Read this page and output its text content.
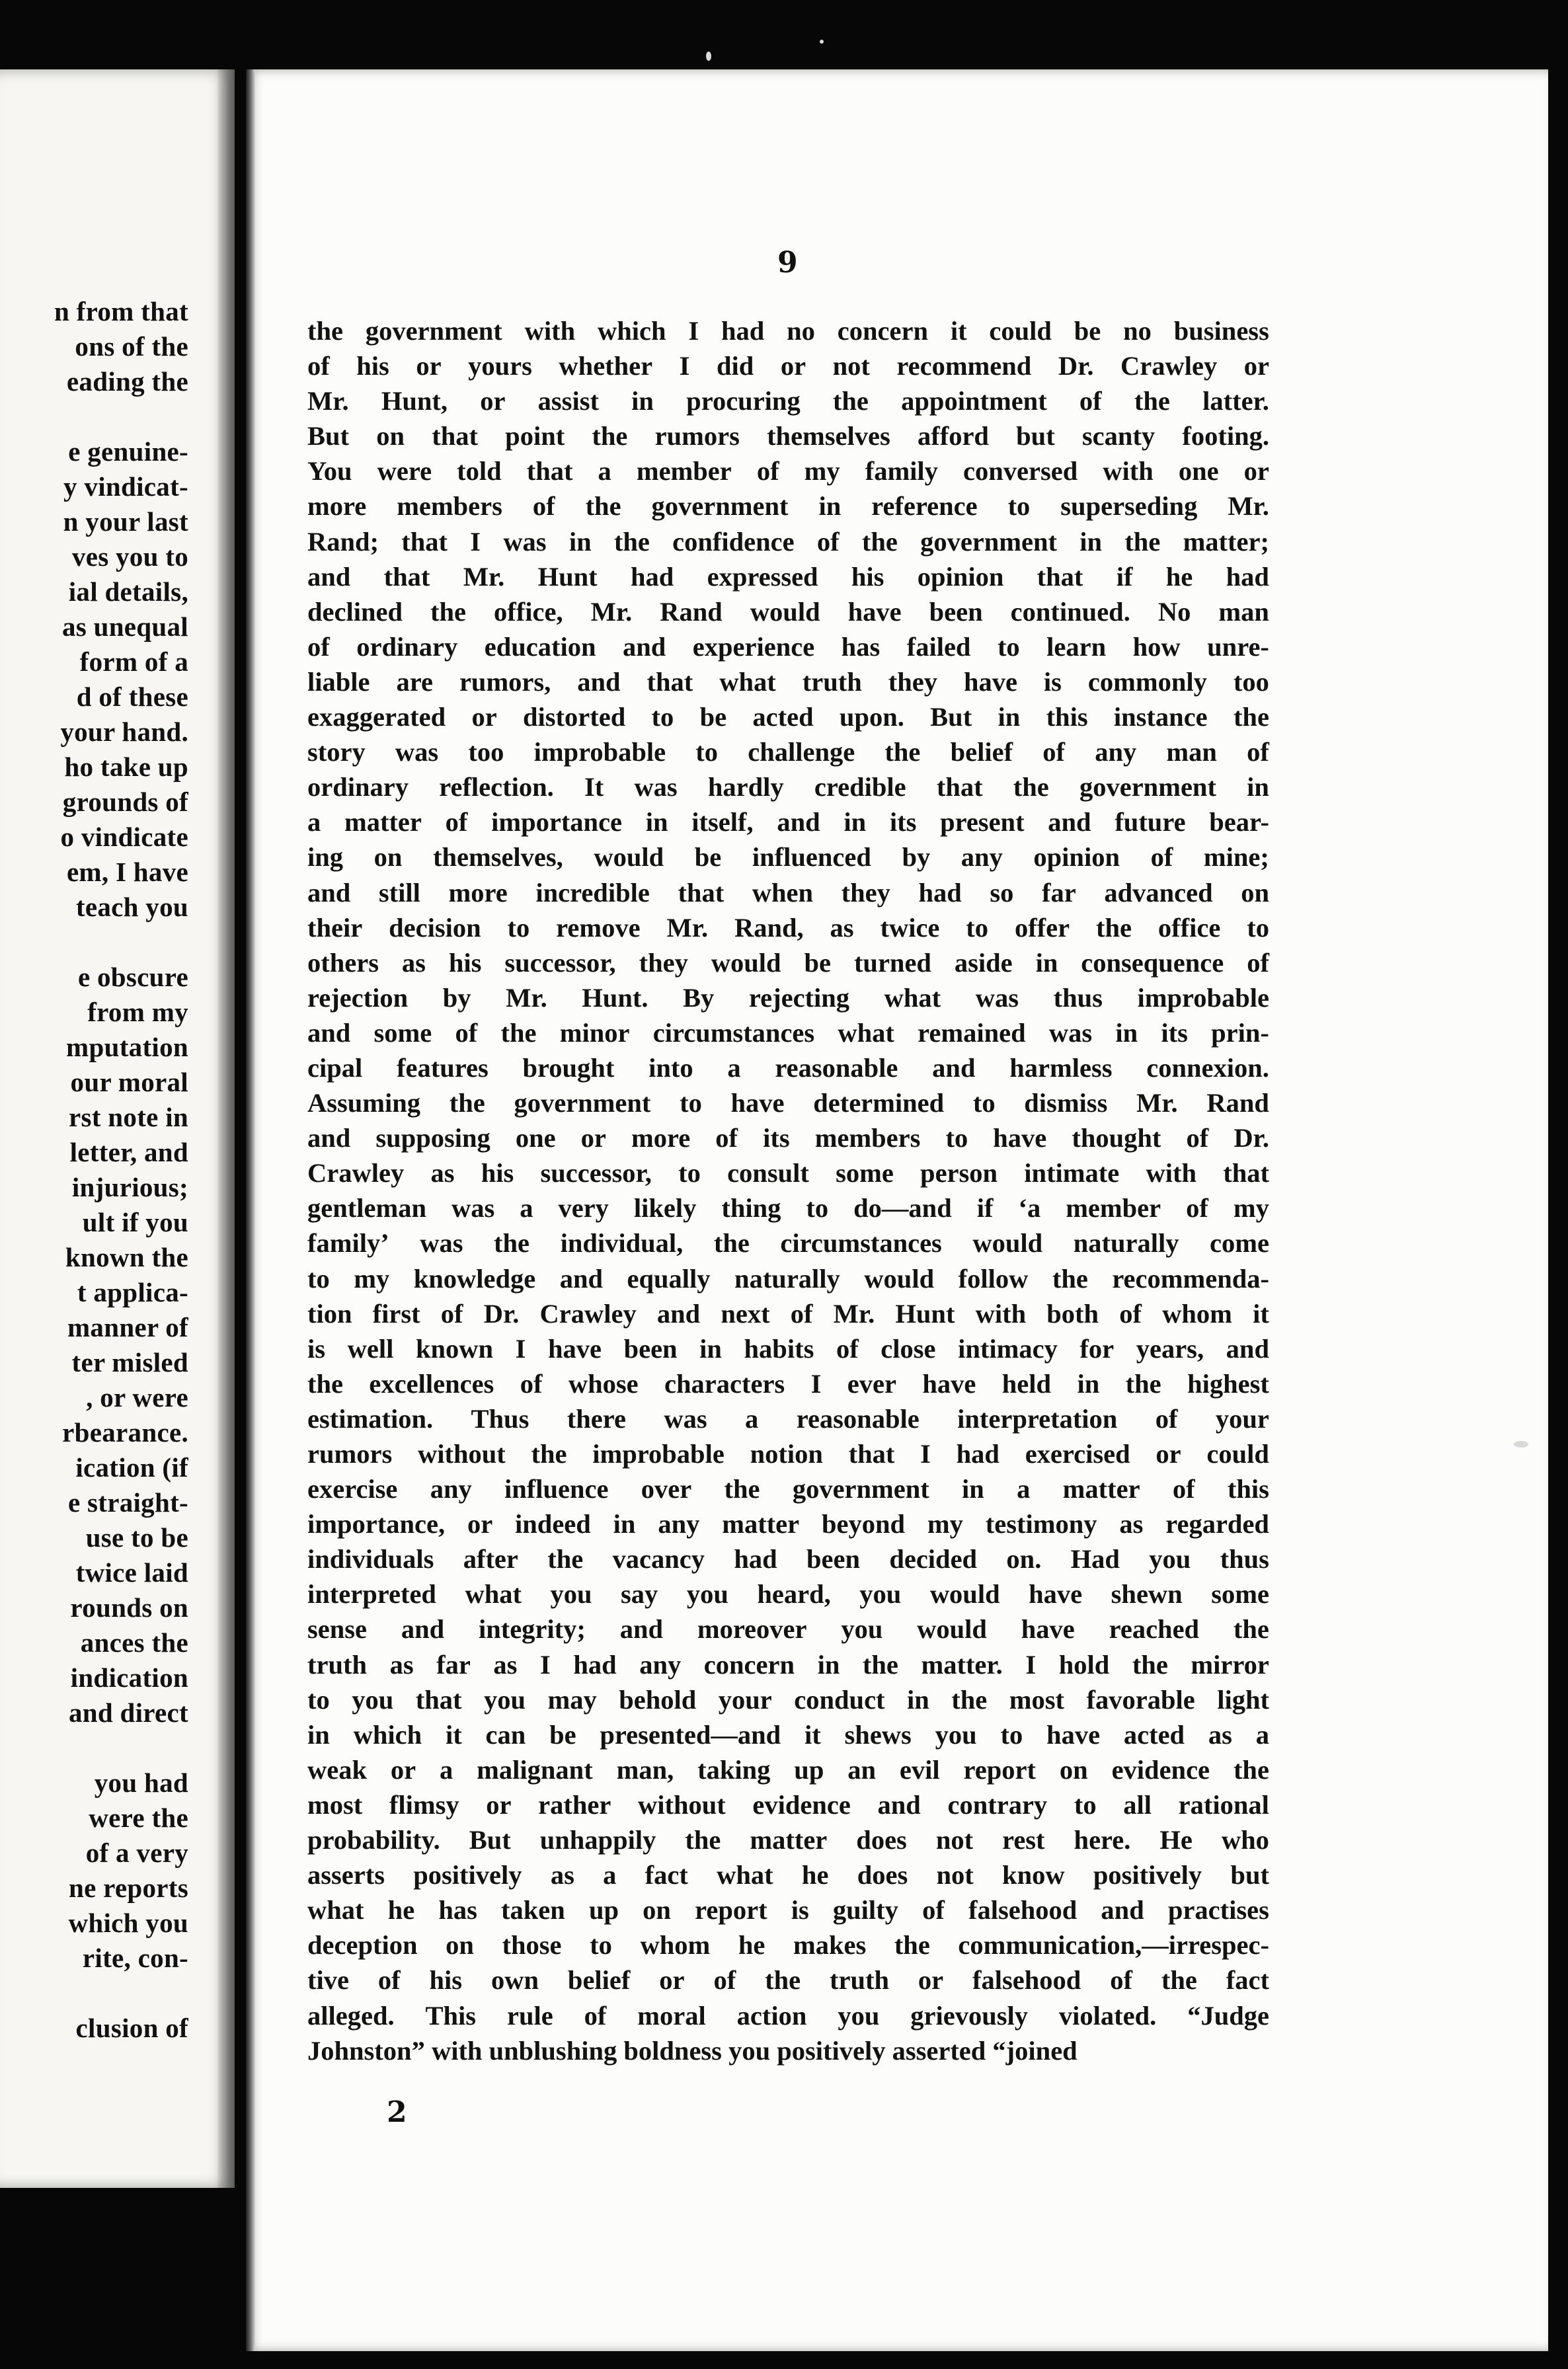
n from that
ons of the
eading the
e genuine-
y vindicat-
n your last
ves you to
ial details,
as unequal
form of a
d of these
your hand.
ho take up
grounds of
o vindicate
em, I have
teach you
e obscure
from my
mputation
our moral
rst note in
letter, and
injurious;
ult if you
known the
t applica-
manner of
ter misled
, or were
rbearance.
ication (if
e straight-
use to be
twice laid
rounds on
ances the
indication
and direct
you had
were the
of a very
ne reports
which you
rite, con-
clusion of
9
the government with which I had no concern it could be no business
of his or yours whether I did or not recommend Dr. Crawley or
Mr. Hunt, or assist in procuring the appointment of the latter.
But on that point the rumors themselves afford but scanty footing.
You were told that a member of my family conversed with one or
more members of the government in reference to superseding Mr.
Rand; that I was in the confidence of the government in the matter;
and that Mr. Hunt had expressed his opinion that if he had
declined the office, Mr. Rand would have been continued. No man
of ordinary education and experience has failed to learn how unre-
liable are rumors, and that what truth they have is commonly too
exaggerated or distorted to be acted upon. But in this instance the
story was too improbable to challenge the belief of any man of
ordinary reflection. It was hardly credible that the government in
a matter of importance in itself, and in its present and future bear-
ing on themselves, would be influenced by any opinion of mine;
and still more incredible that when they had so far advanced on
their decision to remove Mr. Rand, as twice to offer the office to
others as his successor, they would be turned aside in consequence of
rejection by Mr. Hunt. By rejecting what was thus improbable
and some of the minor circumstances what remained was in its prin-
cipal features brought into a reasonable and harmless connexion.
Assuming the government to have determined to dismiss Mr. Rand
and supposing one or more of its members to have thought of Dr.
Crawley as his successor, to consult some person intimate with that
gentleman was a very likely thing to do—and if ‘a member of my
family’ was the individual, the circumstances would naturally come
to my knowledge and equally naturally would follow the recommenda-
tion first of Dr. Crawley and next of Mr. Hunt with both of whom it
is well known I have been in habits of close intimacy for years, and
the excellences of whose characters I ever have held in the highest
estimation. Thus there was a reasonable interpretation of your
rumors without the improbable notion that I had exercised or could
exercise any influence over the government in a matter of this
importance, or indeed in any matter beyond my testimony as regarded
individuals after the vacancy had been decided on. Had you thus
interpreted what you say you heard, you would have shewn some
sense and integrity; and moreover you would have reached the
truth as far as I had any concern in the matter. I hold the mirror
to you that you may behold your conduct in the most favorable light
in which it can be presented—and it shews you to have acted as a
weak or a malignant man, taking up an evil report on evidence the
most flimsy or rather without evidence and contrary to all rational
probability. But unhappily the matter does not rest here. He who
asserts positively as a fact what he does not know positively but
what he has taken up on report is guilty of falsehood and practises
deception on those to whom he makes the communication,—irrespec-
tive of his own belief or of the truth or falsehood of the fact
alleged. This rule of moral action you grievously violated. “Judge
Johnston” with unblushing boldness you positively asserted “joined
2
